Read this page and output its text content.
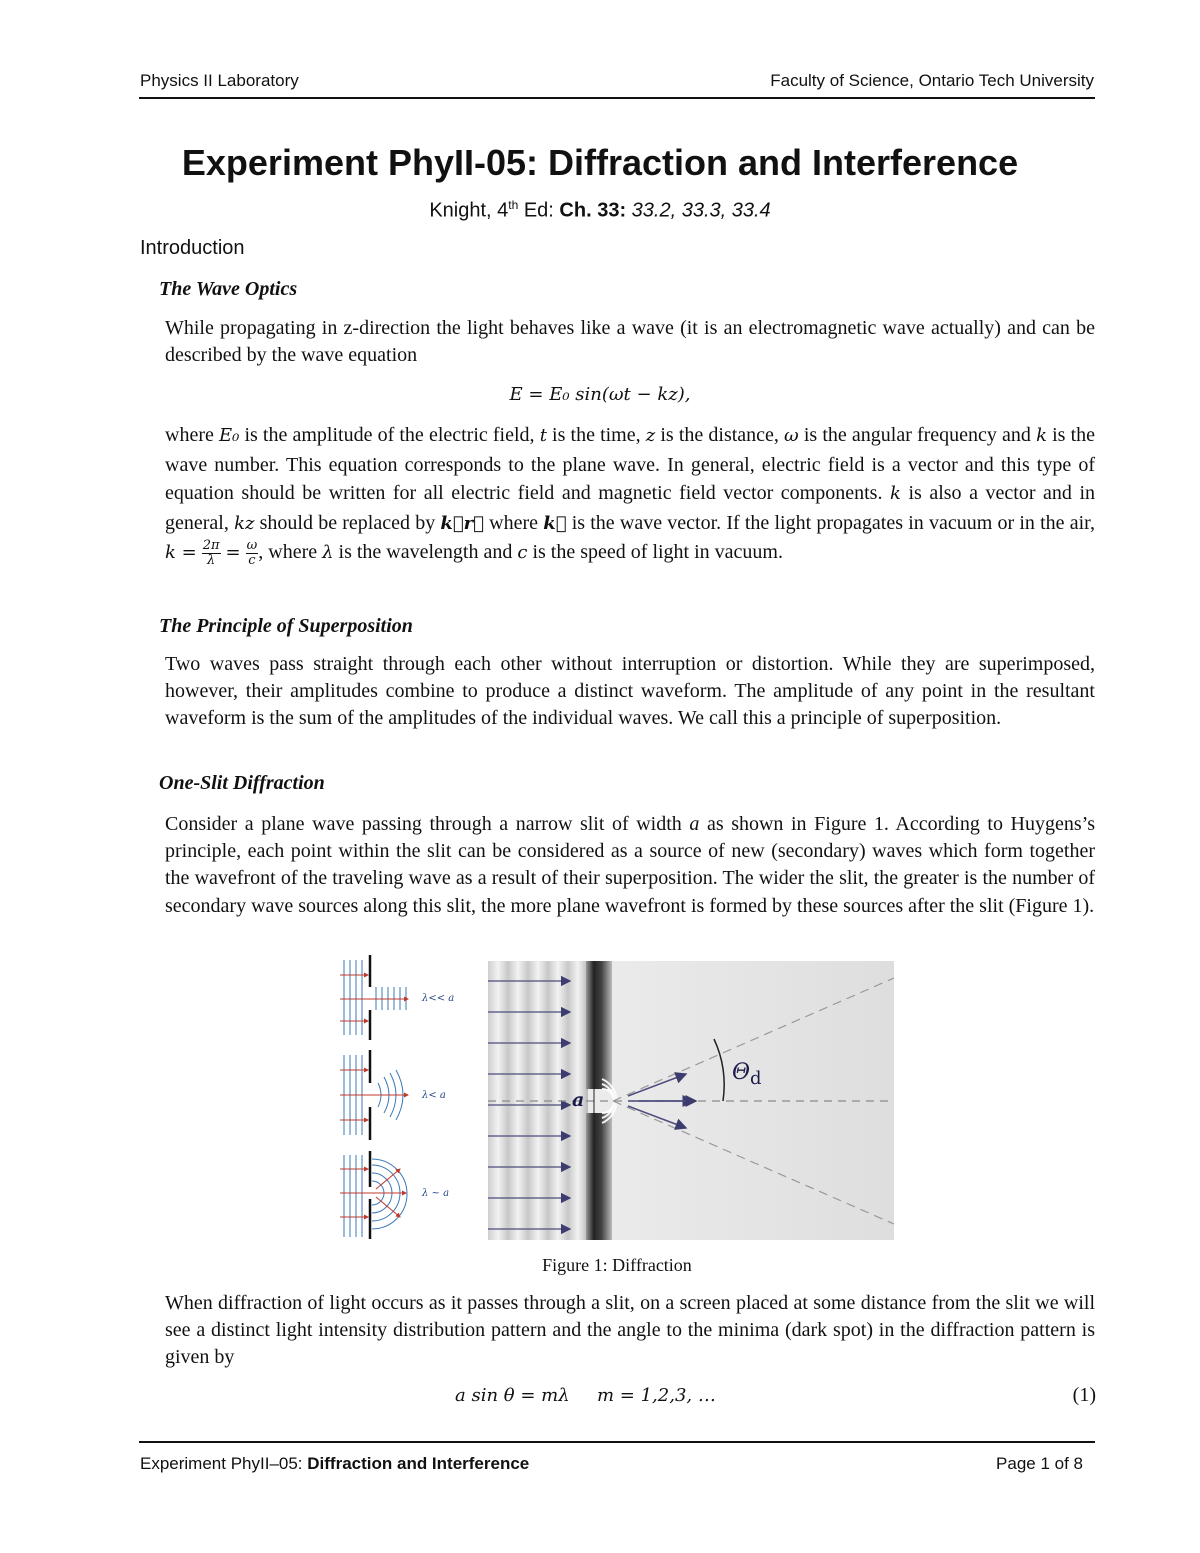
Physics II Laboratory	Faculty of Science, Ontario Tech University
Experiment PhyII-05: Diffraction and Interference
Knight, 4th Ed: Ch. 33: 33.2, 33.3, 33.4
Introduction
The Wave Optics
While propagating in z-direction the light behaves like a wave (it is an electromagnetic wave actually) and can be described by the wave equation
E = E₀ sin(ωt − kz),
where E₀ is the amplitude of the electric field, t is the time, z is the distance, ω is the angular frequency and k is the wave number. This equation corresponds to the plane wave. In general, electric field is a vector and this type of equation should be written for all electric field and magnetic field vector components. k is also a vector and in general, kz should be replaced by k⃗r⃗ where k⃗ is the wave vector. If the light propagates in vacuum or in the air, $k = \frac{2\pi}{\lambda} = \frac{\omega}{c}$ , where λ is the wavelength and c is the speed of light in vacuum.
The Principle of Superposition
Two waves pass straight through each other without interruption or distortion. While they are superimposed, however, their amplitudes combine to produce a distinct waveform. The amplitude of any point in the resultant waveform is the sum of the amplitudes of the individual waves. We call this a principle of superposition.
One-Slit Diffraction
Consider a plane wave passing through a narrow slit of width a as shown in Figure 1. According to Huygens’s principle, each point within the slit can be considered as a source of new (secondary) waves which form together the wavefront of the traveling wave as a result of their superposition. The wider the slit, the greater is the number of secondary wave sources along this slit, the more plane wavefront is formed by these sources after the slit (Figure 1).
λ<< a
λ< a
λ ~ a
a
$\Theta_d$
Figure 1: Diffraction
When diffraction of light occurs as it passes through a slit, on a screen placed at some distance from the slit we will see a distinct light intensity distribution pattern and the angle to the minima (dark spot) in the diffraction pattern is given by
a sin θ = mλ m = 1,2,3, …	(1)
Experiment PhyII–05: Diffraction and Interference	Page 1 of 8
